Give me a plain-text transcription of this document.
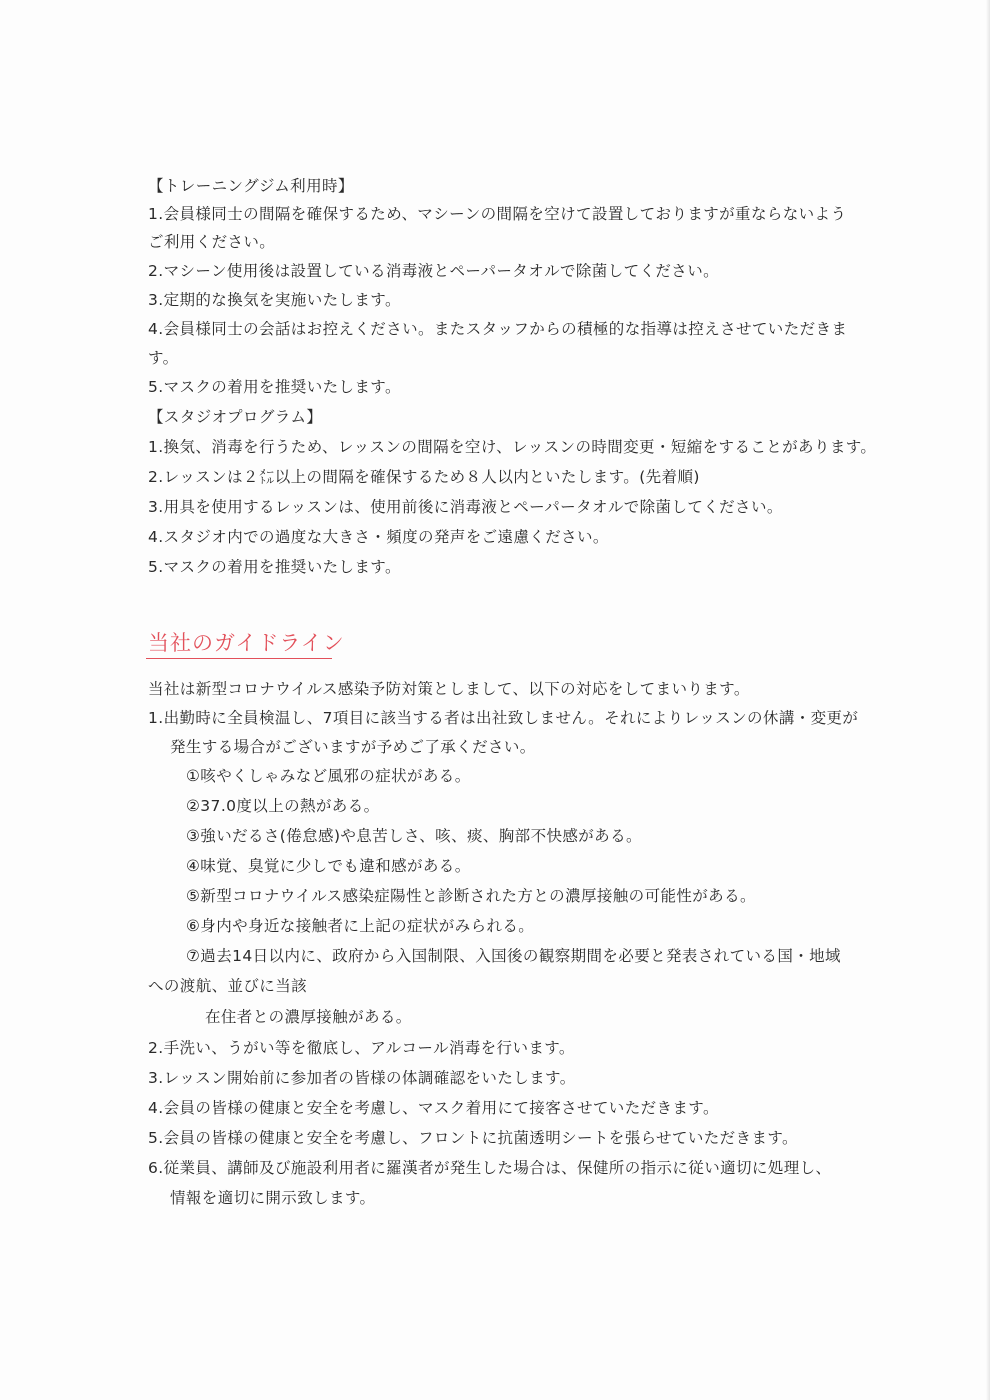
【トレーニングジム利用時】
1.会員様同士の間隔を確保するため、マシーンの間隔を空けて設置しておりますが重ならないよう
ご利用ください。
2.マシーン使用後は設置している消毒液とペーパータオルで除菌してください。
3.定期的な換気を実施いたします。
4.会員様同士の会話はお控えください。またスタッフからの積極的な指導は控えさせていただきま
す。
5.マスクの着用を推奨いたします。
【スタジオプログラム】
1.換気、消毒を行うため、レッスンの間隔を空け、レッスンの時間変更・短縮をすることがあります。
2.レッスンは２㍍以上の間隔を確保するため８人以内といたします。(先着順)
3.用具を使用するレッスンは、使用前後に消毒液とペーパータオルで除菌してください。
4.スタジオ内での過度な大きさ・頻度の発声をご遠慮ください。
5.マスクの着用を推奨いたします。
当社のガイドライン
当社は新型コロナウイルス感染予防対策としまして、以下の対応をしてまいります。
1.出勤時に全員検温し、7項目に該当する者は出社致しません。それによりレッスンの休講・変更が
発生する場合がございますが予めご了承ください。
①咳やくしゃみなど風邪の症状がある。
②37.0度以上の熱がある。
③強いだるさ(倦怠感)や息苦しさ、咳、痰、胸部不快感がある。
④味覚、臭覚に少しでも違和感がある。
⑤新型コロナウイルス感染症陽性と診断された方との濃厚接触の可能性がある。
⑥身内や身近な接触者に上記の症状がみられる。
⑦過去14日以内に、政府から入国制限、入国後の観察期間を必要と発表されている国・地域
への渡航、並びに当該
在住者との濃厚接触がある。
2.手洗い、うがい等を徹底し、アルコール消毒を行います。
3.レッスン開始前に参加者の皆様の体調確認をいたします。
4.会員の皆様の健康と安全を考慮し、マスク着用にて接客させていただきます。
5.会員の皆様の健康と安全を考慮し、フロントに抗菌透明シートを張らせていただきます。
6.従業員、講師及び施設利用者に羅漢者が発生した場合は、保健所の指示に従い適切に処理し、
情報を適切に開示致します。
